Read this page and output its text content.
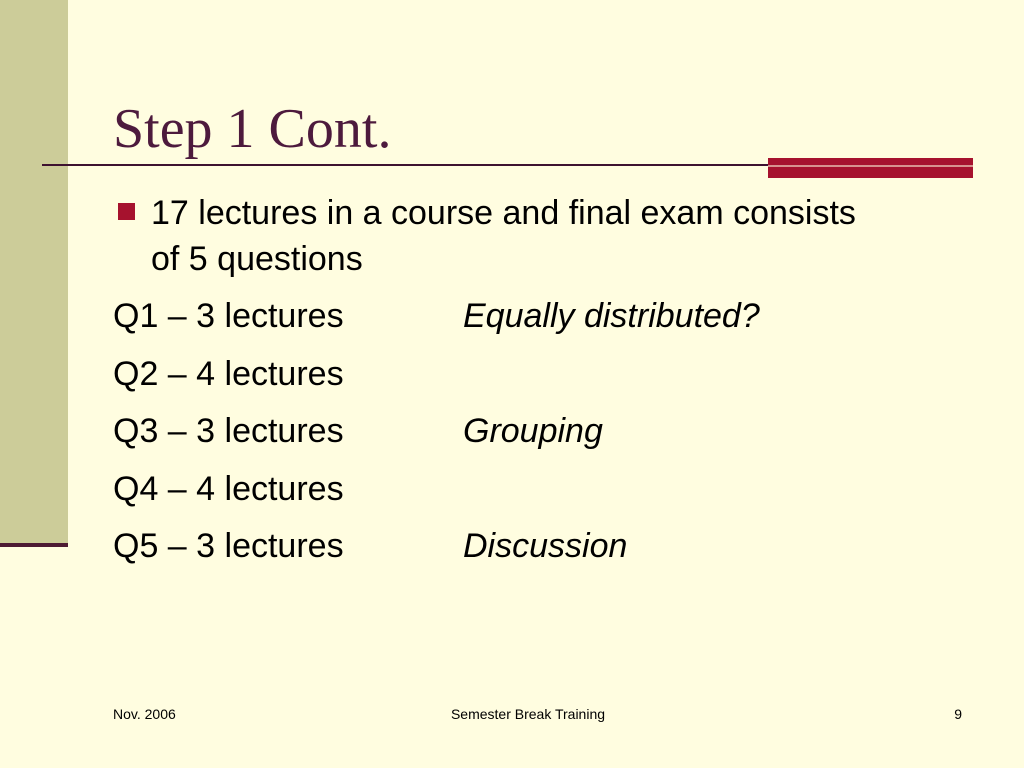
Step 1 Cont.
17 lectures in a course and final exam consists of 5 questions
Q1 – 3 lectures	Equally distributed?
Q2 – 4 lectures
Q3 – 3 lectures	Grouping
Q4 – 4 lectures
Q5 – 3 lectures	Discussion
Nov. 2006	Semester Break Training	9
